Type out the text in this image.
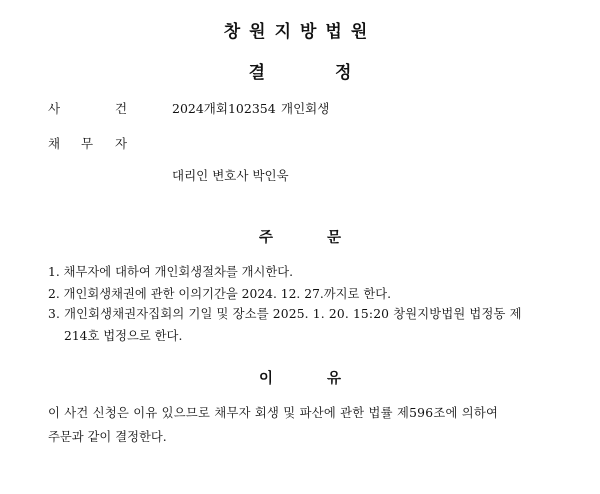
창원지방법원
결	정
사	건	2024개회102354 개인회생
채 무 자
대리인 변호사 박인욱
주	문
1. 채무자에 대하여 개인회생절차를 개시한다.
2. 개인회생채권에 관한 이의기간을 2024. 12. 27.까지로 한다.
3. 개인회생채권자집회의 기일 및 장소를 2025. 1. 20. 15:20 창원지방법원 법정동 제
214호 법정으로 한다.
이	유
이 사건 신청은 이유 있으므로 채무자 회생 및 파산에 관한 법률 제596조에 의하여
주문과 같이 결정한다.
